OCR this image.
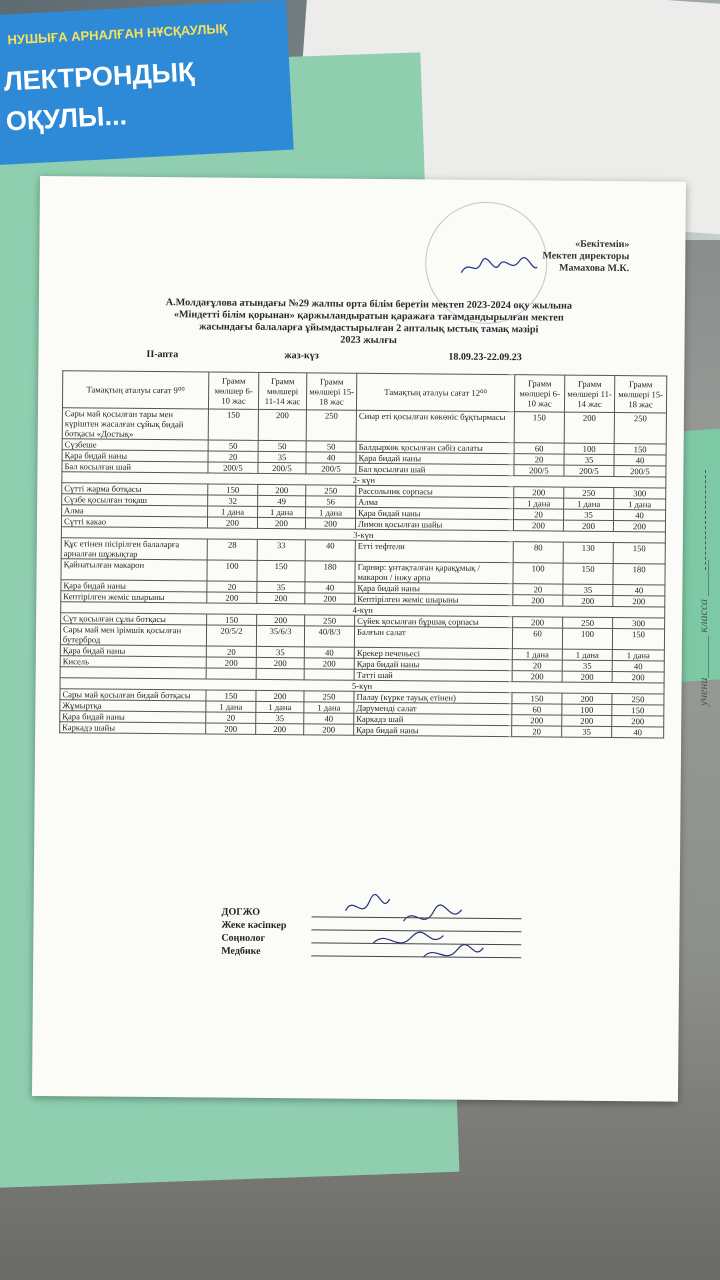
НУШЫҒА АРНАЛҒАН НҰСҚАУЛЫҚ
ЛЕКТРОНДЫҚ
ОҚУЛЫ...
учени_______ класса ______
«Бекітемін»
Мектеп директоры
Мамахова М.К.
А.Молдағұлова атындағы №29 жалпы орта білім беретін мектеп 2023-2024 оқу жылына
«Міндетті білім қорынан» қаржыландыратын қаражаға тағамдандырылған мектеп
жасындағы балаларға ұйымдастырылған 2 апталық ыстық тамақ мәзірі
2023 жылғы
II-апта	жаз-күз	18.09.23-22.09.23
Тамақтың аталуы сағат 9⁰⁰	Грамм мөлшер 6-10 жас	Грамм мөлшері 11-14 жас	Грамм мөлшері 15-18 жас	Тамақтың аталуы сағат 12⁰⁰	Грамм мөлшері 6-10 жас	Грамм мөлшері 11-14 жас	Грамм мөлшері 15-18 жас
Сары май қосылған тары мен күріштен жасалған сұйық бидай ботқасы «Достық»	150	200	250	Сиыр еті қосылған көкөніс бұқтырмасы	150	200	250
Сүзбеше	50	50	50	Балдыркөк қосылған сәбіз салаты	60	100	150
Қара бидай наны	20	35	40	Қара бидай наны	20	35	40
Бал косылған шай	200/5	200/5	200/5	Бал қосылған шай	200/5	200/5	200/5
2- күн							
Сүтті жарма ботқасы	150	200	250	Рассольник сорпасы	200	250	300
Сүзбе қосылған тоқаш	32	49	56	Алма	1 дана	1 дана	1 дана
Алма	1 дана	1 дана	1 дана	Қара бидай наны	20	35	40
Сүтті какао	200	200	200	Лимон қосылған шайы	200	200	200
3-күн							
Құс етінен пісірілген балаларға арналған шұжықтар	28	33	40	Етті тефтели	80	130	150
Қайнатылған макарон	100	150	180	Гарнир: ұнтақталған қарақұмық / макарон / інжу арпа	100	150	180
Қара бидай наны	20	35	40	Қара бидай наны	20	35	40
Кептірілген жеміс шырыны	200	200	200	Кептірілген жеміс шырыны	200	200	200
4-күн							
Сүт қосылған сұлы ботқасы	150	200	250	Сүйек қосылған бұршақ сорпасы	200	250	300
Сары май мен ірімшік қосылған бутерброд	20/5/2	35/6/3	40/8/3	Балғын салат	60	100	150
Қара бидай наны	20	35	40	Крекер печеньесі	1 дана	1 дана	1 дана
Кисель	200	200	200	Қара бидай наны	20	35	40
				Тәтті шай	200	200	200
5-күн							
Сары май қосылған бидай ботқасы	150	200	250	Палау (күркe тауық етінен)	150	200	250
Жұмыртқа	1 дана	1 дана	1 дана	Дәрумендi салат	60	100	150
Қара бидай наны	20	35	40	Каркадэ шай	200	200	200
Каркадэ шайы	200	200	200	Қара бидай наны	20	35	40
ДОГЖО
Жеке кәсіпкер
Соңнолог
Медбике
